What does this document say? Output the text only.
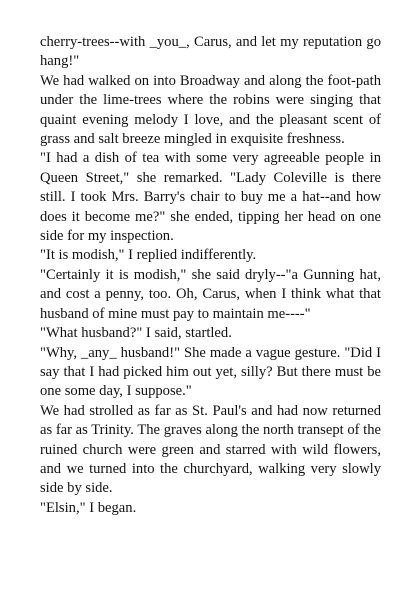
cherry-trees--with _you_, Carus, and let my reputation go hang!"

We had walked on into Broadway and along the foot-path under the lime-trees where the robins were singing that quaint evening melody I love, and the pleasant scent of grass and salt breeze mingled in exquisite freshness.

"I had a dish of tea with some very agreeable people in Queen Street," she remarked. "Lady Coleville is there still. I took Mrs. Barry's chair to buy me a hat--and how does it become me?" she ended, tipping her head on one side for my inspection.

"It is modish," I replied indifferently.

"Certainly it is modish," she said dryly--"a Gunning hat, and cost a penny, too. Oh, Carus, when I think what that husband of mine must pay to maintain me----"

"What husband?" I said, startled.

"Why, _any_ husband!" She made a vague gesture. "Did I say that I had picked him out yet, silly? But there must be one some day, I suppose."

We had strolled as far as St. Paul's and had now returned as far as Trinity. The graves along the north transept of the ruined church were green and starred with wild flowers, and we turned into the churchyard, walking very slowly side by side.

"Elsin," I began.
